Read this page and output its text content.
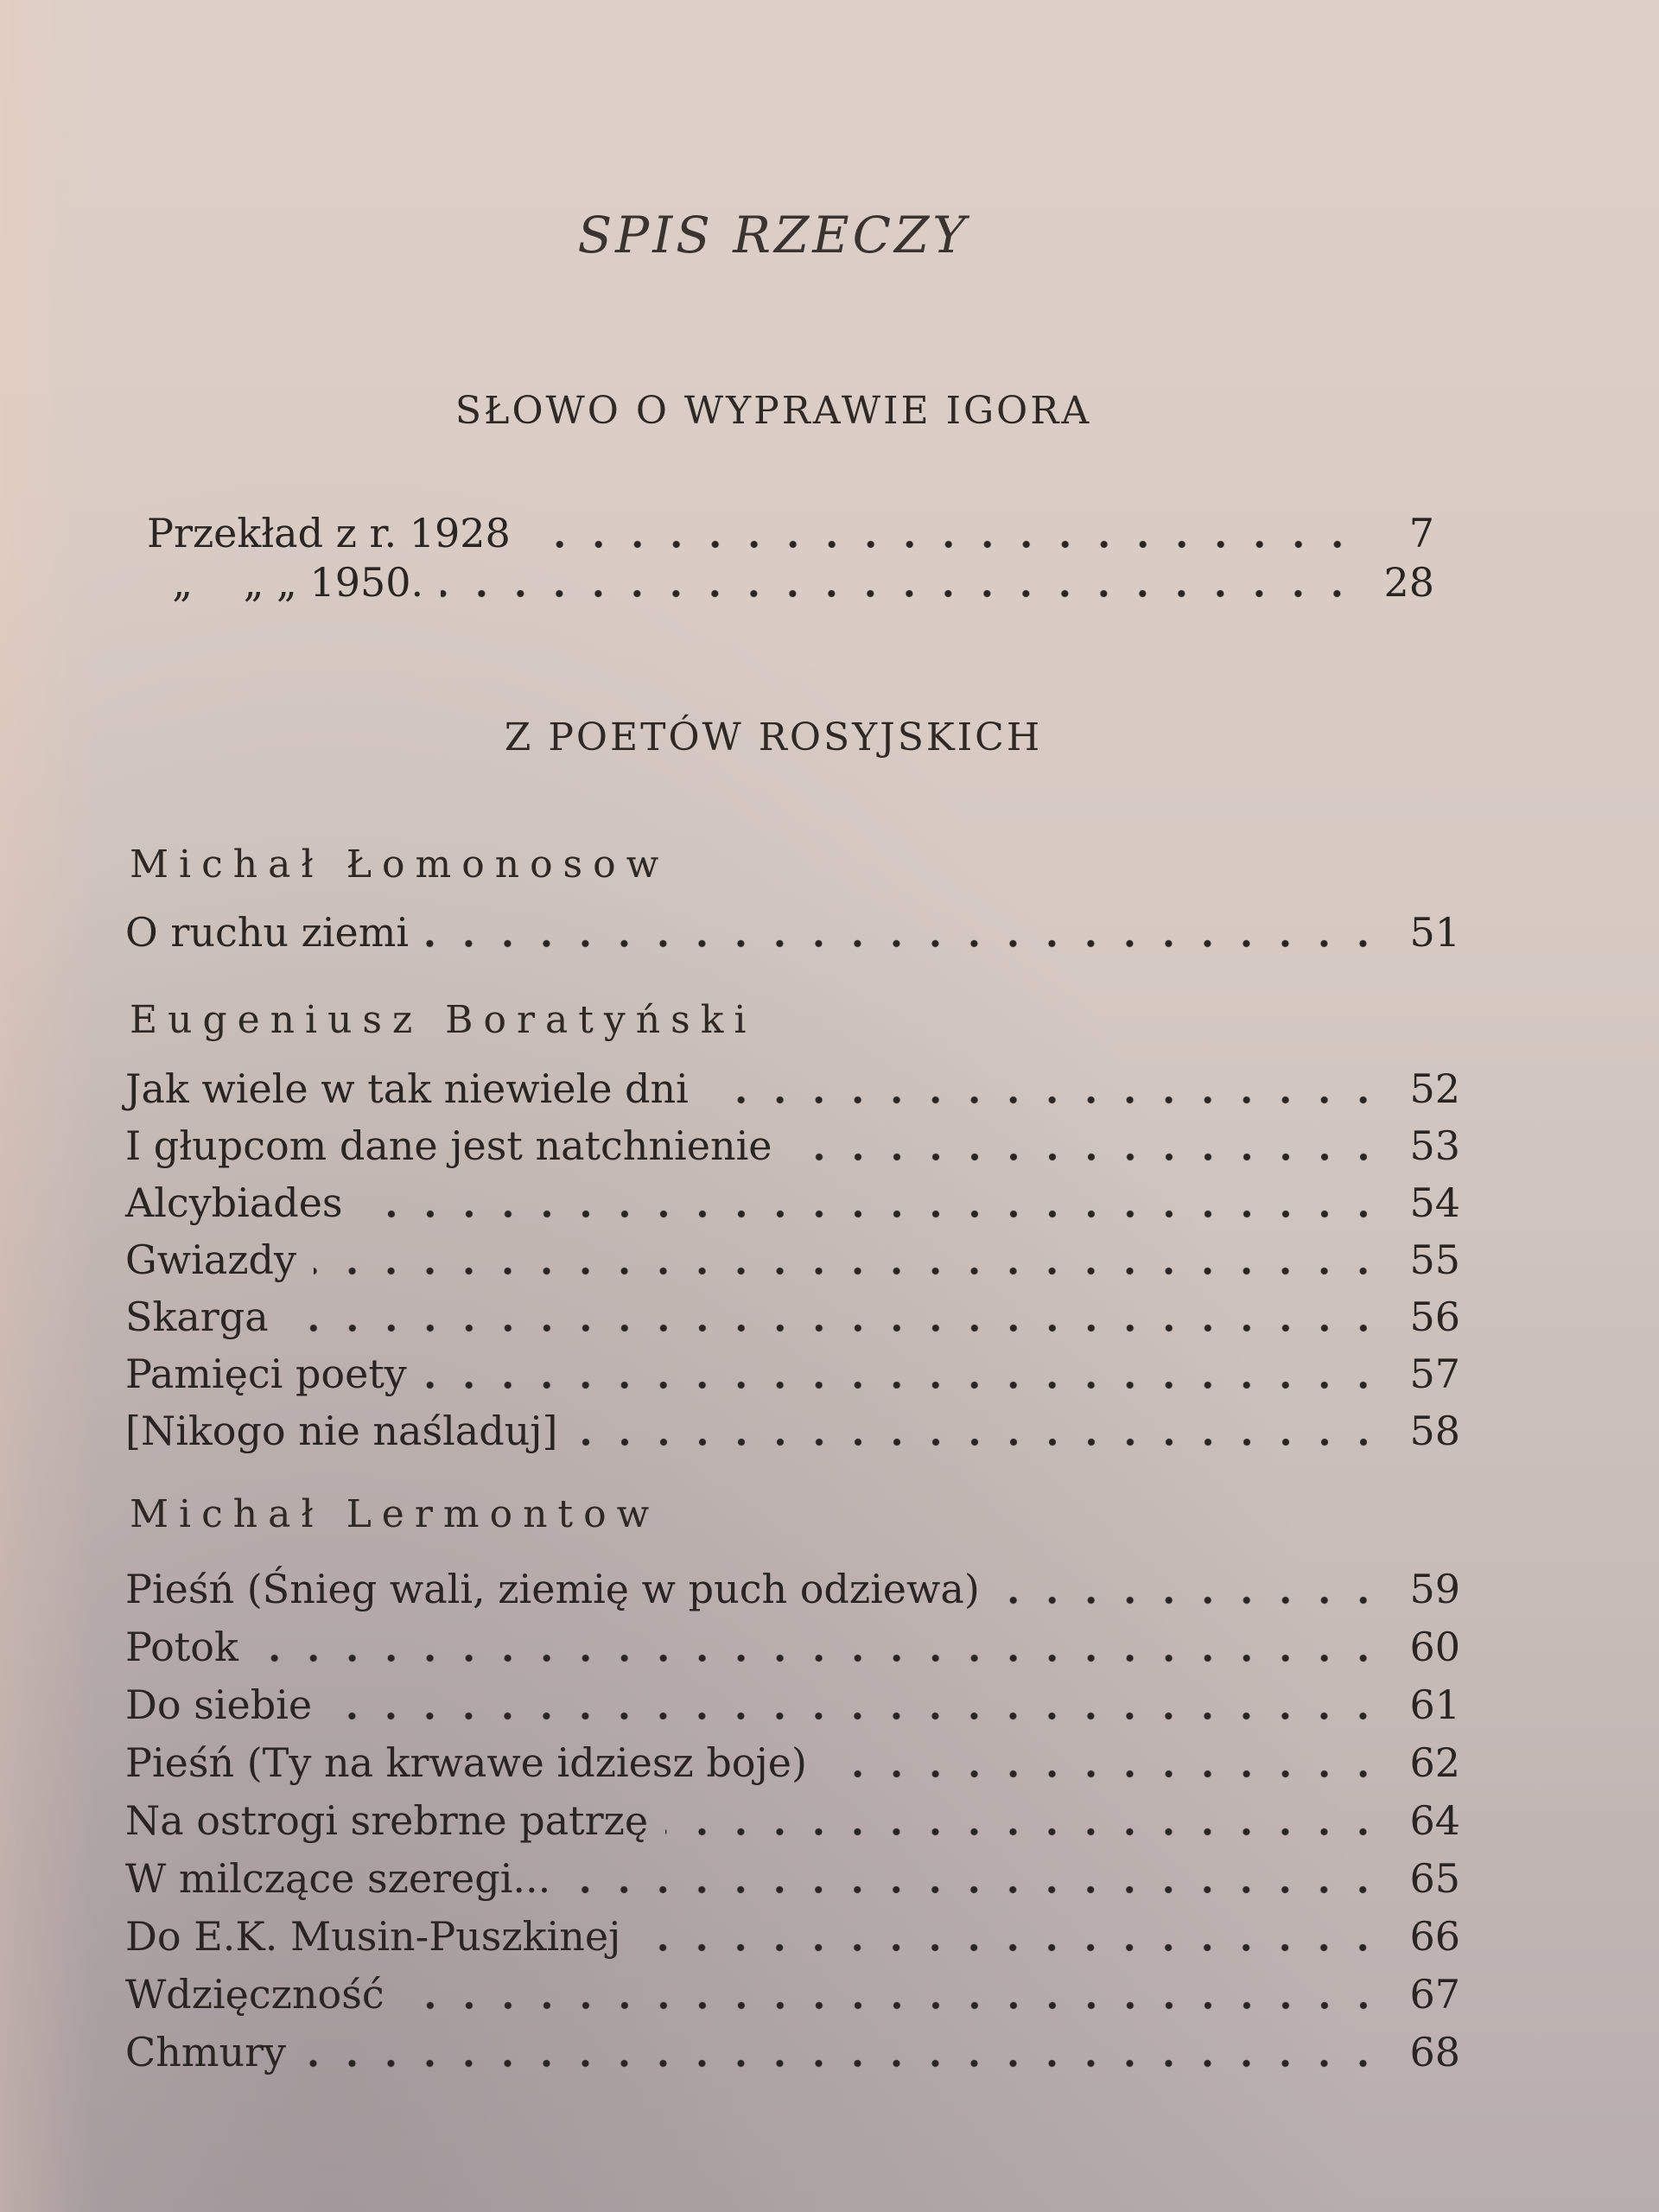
SPIS RZECZY
SŁOWO O WYPRAWIE IGORA
Przekład z r. 1928	7
„    „ „ 1950.	28
Z POETÓW ROSYJSKICH
Michał Łomonosow
O ruchu ziemi	51
Eugeniusz Boratyński
Jak wiele w tak niewiele dni	52
I głupcom dane jest natchnienie	53
Alcybiades	54
Gwiazdy	55
Skarga	56
Pamięci poety	57
[Nikogo nie naśladuj]	58
Michał Lermontow
Pieśń (Śnieg wali, ziemię w puch odziewa)	59
Potok	60
Do siebie	61
Pieśń (Ty na krwawe idziesz boje)	62
Na ostrogi srebrne patrzę	64
W milczące szeregi...	65
Do E.K. Musin-Puszkinej	66
Wdzięczność	67
Chmury	68
